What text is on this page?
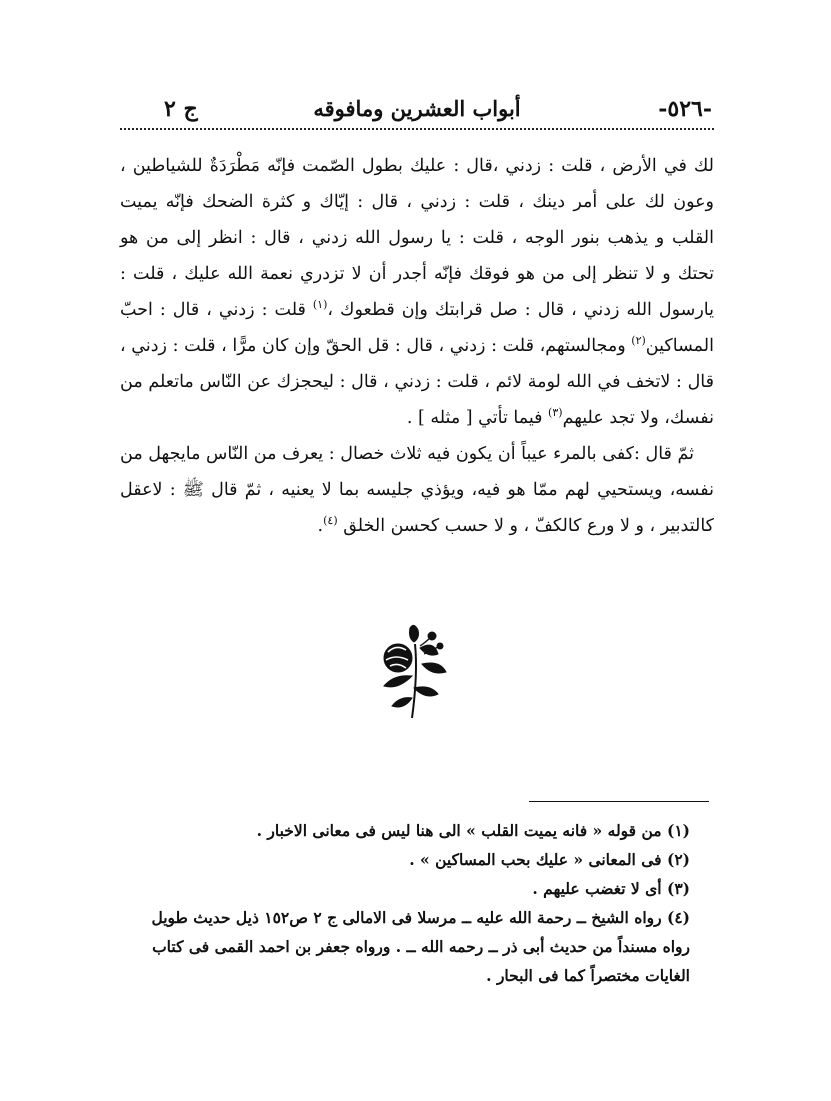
-٥٢٦-
أبواب العشرين ومافوقه
ج ٢

لك في الأرض ، قلت : زدني ،قال : عليك بطول الصّمت فإنّه مَطْرَدَةٌ للشياطين ، وعون لك على أمر دينك ، قلت : زدني ، قال : إيّاك و كثرة الضحك فإنّه يميت القلب و يذهب بنور الوجه ، قلت : يا رسول الله زدني ، قال : انظر إلى من هو تحتك و لا تنظر إلى من هو فوقك فإنّه أجدر أن لا تزدري نعمة الله عليك ، قلت : يارسول الله زدني ، قال : صل قرابتك وإن قطعوك ،$^{(١)}$ قلت : زدني ، قال : احبّ المساكين$^{(٢)}$ ومجالستهم، قلت : زدني ، قال : قل الحقّ وإن كان مرًّا ، قلت : زدني ، قال : لاتخف في الله لومة لائم ، قلت : زدني ، قال : ليحجزك عن النّاس ماتعلم من نفسك، ولا تجد عليهم$^{(٣)}$ فيما تأتي [ مثله ] .

ثمّ قال :كفى بالمرء عيباً أن يكون فيه ثلاث خصال : يعرف من النّاس مايجهل من نفسه، ويستحيي لهم ممّا هو فيه، ويؤذي جليسه بما لا يعنيه ، ثمّ قال ﷺ : لاعقل كالتدبير ، و لا ورع كالكفّ ، و لا حسب كحسن الخلق $^{(٤)}$.

(١) من قوله « فانه يميت القلب » الى هنا ليس فى معانى الاخبار .

(٢) فى المعانى « عليك بحب المساكين » .

(٣) أى لا تغضب عليهم .

(٤) رواه الشيخ ــ رحمة الله عليه ــ مرسلا فى الامالى ج ٢ ص١٥٢ ذيل حديث طويل رواه مسنداً من حديث أبى ذر ــ رحمه الله ــ . ورواه جعفر بن احمد القمى فى كتاب الغايات مختصراً كما فى البحار .
